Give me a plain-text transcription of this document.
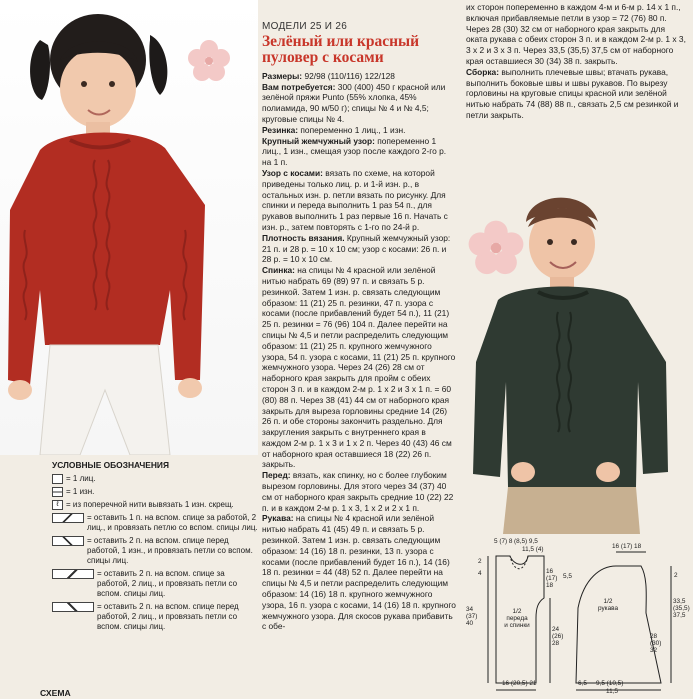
УСЛОВНЫЕ ОБОЗНАЧЕНИЯ
= 1 лиц.
= 1 изн.
ℓ = из поперечной нити вывязать 1 изн. скрещ.
= оставить 1 п. на вспом. спице за работой, 2 лиц., и провязать петлю со вспом. спицы лиц.
= оставить 2 п. на вспом. спице перед работой, 1 изн., и провязать петли со вспом. спицы лиц.
= оставить 2 п. на вспом. спице за работой, 2 лиц., и провязать петли со вспом. спицы лиц.
= оставить 2 п. на вспом. спице перед работой, 2 лиц., и провязать петли со вспом. спицы лиц.
СХЕМА
МОДЕЛИ 25 И 26
Зелёный или красный
пуловер с косами

Размеры: 92/98 (110/116) 122/128

Вам потребуется: 300 (400) 450 г красной или зелёной пряжи Punto (55% хлопка, 45% полиамида, 90 м/50 г); спицы № 4 и № 4,5; круговые спицы № 4.

Резинка: попеременно 1 лиц., 1 изн.

Крупный жемчужный узор: попеременно 1 лиц., 1 изн., смещая узор после каждого 2-го р. на 1 п.

Узор с косами: вязать по схеме, на которой приведены только лиц. р. и 1-й изн. р., в остальных изн. р. петли вязать по рисунку. Для спинки и переда выполнить 1 раз 54 п., для рукавов выполнить 1 раз первые 16 п. Начать с изн. р., затем повторять с 1-го по 24-й р.

Плотность вязания. Крупный жемчужный узор: 21 п. и 28 р. = 10 х 10 см; узор с косами: 26 п. и 28 р. = 10 х 10 см.

Спинка: на спицы № 4 красной или зелёной нитью набрать 69 (89) 97 п. и связать 5 р. резинкой. Затем 1 изн. р. связать следующим образом: 11 (21) 25 п. резинки, 47 п. узора с косами (после прибавлений будет 54 п.), 11 (21) 25 п. резинки = 76 (96) 104 п. Далее перейти на спицы № 4,5 и петли распределить следующим образом: 11 (21) 25 п. крупного жемчужного узора, 54 п. узора с косами, 11 (21) 25 п. крупного жемчужного узора. Через 24 (26) 28 см от наборного края закрыть для пройм с обеих сторон 3 п. и в каждом 2-м р. 1 х 2 и 3 х 1 п. = 60 (80) 88 п. Через 38 (41) 44 см от наборного края закрыть для выреза горловины средние 14 (26) 26 п. и обе стороны закончить раздельно. Для закругления закрыть с внутреннего края в каждом 2-м р. 1 х 3 и 1 х 2 п. Через 40 (43) 46 см от наборного края оставшиеся 18 (22) 26 п. закрыть.

Перед: вязать, как спинку, но с более глубоким вырезом горловины. Для этого через 34 (37) 40 см от наборного края закрыть средние 10 (22) 22 п. и в каждом 2-м р. 1 х 3, 1 х 2 и 2 х 1 п.

Рукава: на спицы № 4 красной или зелёной нитью набрать 41 (45) 49 п. и связать 5 р. резинкой. Затем 1 изн. р. связать следующим образом: 14 (16) 18 п. резинки, 13 п. узора с косами (после прибавлений будет 16 п.), 14 (16) 18 п. резинки = 44 (48) 52 п. Далее перейти на спицы № 4,5 и петли распределить следующим образом: 14 (16) 18 п. крупного жемчужного узора, 16 п. узора с косами, 14 (16) 18 п. крупного жемчужного узора. Для скосов рукава прибавить с обе-

их сторон попеременно в каждом 4-м и 6-м р. 14 х 1 п., включая прибавляемые петли в узор = 72 (76) 80 п. Через 28 (30) 32 см от наборного края закрыть для оката рукава с обеих сторон 3 п. и в каждом 2-м р. 1 х 3, 3 х 2 и 3 х 3 п. Через 33,5 (35,5) 37,5 см от наборного края оставшиеся 30 (34) 38 п. закрыть.

Сборка: выполнить плечевые швы; втачать рукава, выполнить боковые швы и швы рукавов. По вырезу горловины на круговые спицы красной или зелёной нитью набрать 74 (88) 88 п., связать 2,5 см резинкой и петли закрыть.

5 (7) 8 (8,5) 9,5
11,5 (4)	16 (17) 18
2
4	16 (17) 18
5,5
34 (37) 40
1/2 переда и спинки
24 (26) 28
1/2 рукава
33,5 (35,5) 37,5
28 (30) 32
2
16 (20,5) 21	6,5 9,5 (10,5)
11,5
